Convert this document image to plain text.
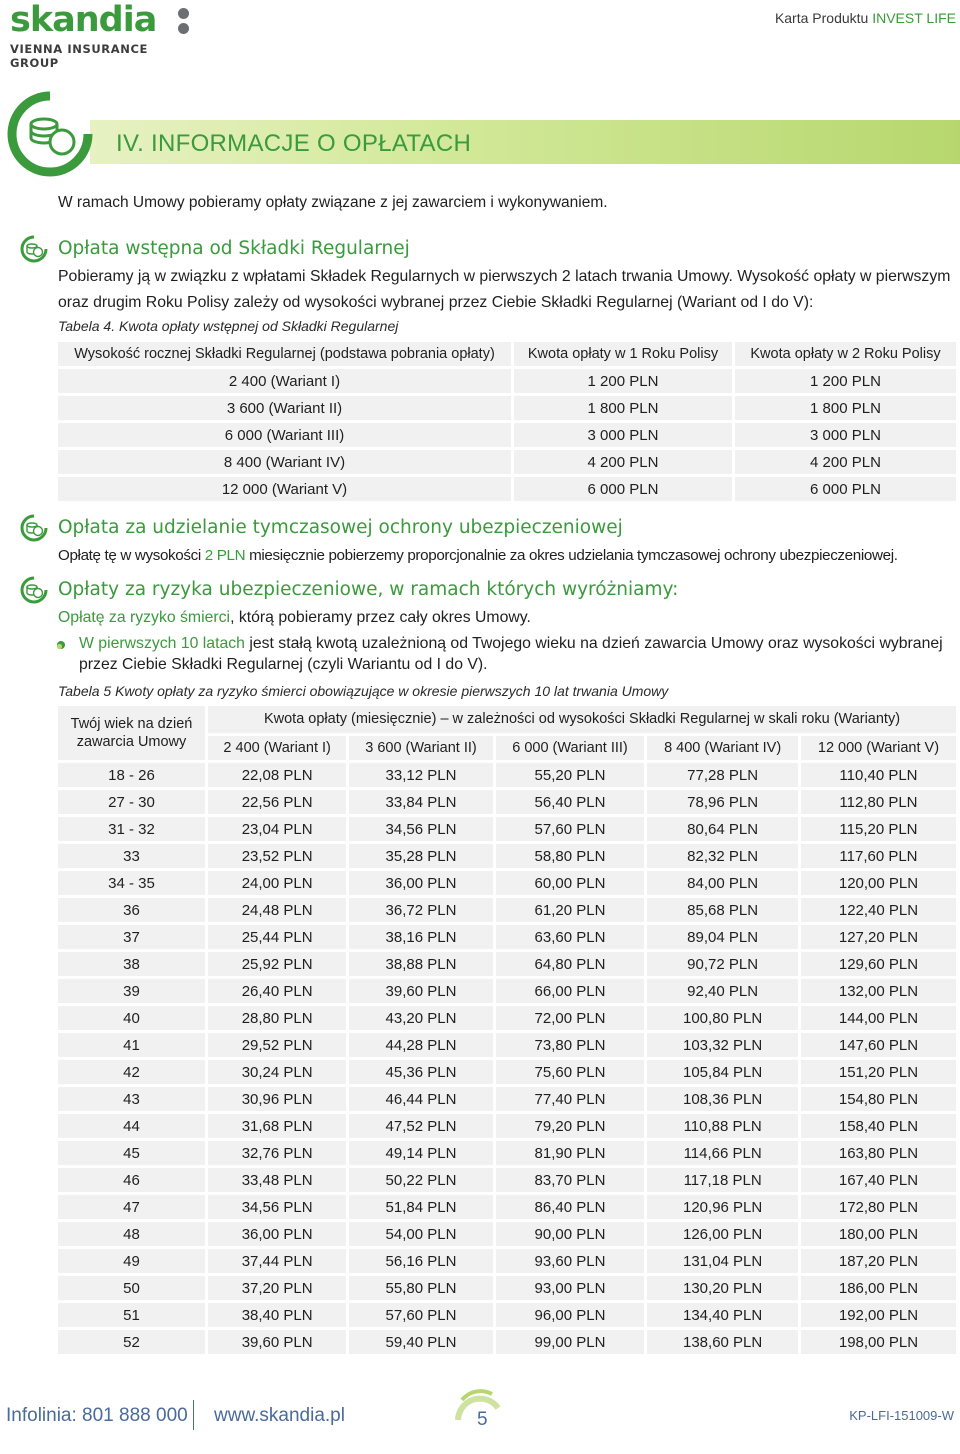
skandia
VIENNA INSURANCE GROUP
Karta Produktu INVEST LIFE
IV. INFORMACJE O OPŁATACH
W ramach Umowy pobieramy opłaty związane z jej zawarciem i wykonywaniem.
Opłata wstępna od Składki Regularnej
Pobieramy ją w związku z wpłatami Składek Regularnych w pierwszych 2 latach trwania Umowy. Wysokość opłaty w pierwszym
oraz drugim Roku Polisy zależy od wysokości wybranej przez Ciebie Składki Regularnej (Wariant od I do V):
Tabela 4. Kwota opłaty wstępnej od Składki Regularnej
Wysokość rocznej Składki Regularnej (podstawa pobrania opłaty)	Kwota opłaty w 1 Roku Polisy	Kwota opłaty w 2 Roku Polisy
2 400 (Wariant I)	1 200 PLN	1 200 PLN
3 600 (Wariant II)	1 800 PLN	1 800 PLN
6 000 (Wariant III)	3 000 PLN	3 000 PLN
8 400 (Wariant IV)	4 200 PLN	4 200 PLN
12 000 (Wariant V)	6 000 PLN	6 000 PLN
Opłata za udzielanie tymczasowej ochrony ubezpieczeniowej
Opłatę tę w wysokości 2 PLN miesięcznie pobierzemy proporcjonalnie za okres udzielania tymczasowej ochrony ubezpieczeniowej.
Opłaty za ryzyka ubezpieczeniowe, w ramach których wyróżniamy:
Opłatę za ryzyko śmierci, którą pobieramy przez cały okres Umowy.
W pierwszych 10 latach jest stałą kwotą uzależnioną od Twojego wieku na dzień zawarcia Umowy oraz wysokości wybranej
przez Ciebie Składki Regularnej (czyli Wariantu od I do V).
Tabela 5 Kwoty opłaty za ryzyko śmierci obowiązujące w okresie pierwszych 10 lat trwania Umowy
Twój wiek na dzień zawarcia Umowy	Kwota opłaty (miesięcznie) – w zależności od wysokości Składki Regularnej w skali roku (Warianty)				
	2 400 (Wariant I)	3 600 (Wariant II)	6 000 (Wariant III)	8 400 (Wariant IV)	12 000 (Wariant V)
18 - 26	22,08 PLN	33,12 PLN	55,20 PLN	77,28 PLN	110,40 PLN
27 - 30	22,56 PLN	33,84 PLN	56,40 PLN	78,96 PLN	112,80 PLN
31 - 32	23,04 PLN	34,56 PLN	57,60 PLN	80,64 PLN	115,20 PLN
33	23,52 PLN	35,28 PLN	58,80 PLN	82,32 PLN	117,60 PLN
34 - 35	24,00 PLN	36,00 PLN	60,00 PLN	84,00 PLN	120,00 PLN
36	24,48 PLN	36,72 PLN	61,20 PLN	85,68 PLN	122,40 PLN
37	25,44 PLN	38,16 PLN	63,60 PLN	89,04 PLN	127,20 PLN
38	25,92 PLN	38,88 PLN	64,80 PLN	90,72 PLN	129,60 PLN
39	26,40 PLN	39,60 PLN	66,00 PLN	92,40 PLN	132,00 PLN
40	28,80 PLN	43,20 PLN	72,00 PLN	100,80 PLN	144,00 PLN
41	29,52 PLN	44,28 PLN	73,80 PLN	103,32 PLN	147,60 PLN
42	30,24 PLN	45,36 PLN	75,60 PLN	105,84 PLN	151,20 PLN
43	30,96 PLN	46,44 PLN	77,40 PLN	108,36 PLN	154,80 PLN
44	31,68 PLN	47,52 PLN	79,20 PLN	110,88 PLN	158,40 PLN
45	32,76 PLN	49,14 PLN	81,90 PLN	114,66 PLN	163,80 PLN
46	33,48 PLN	50,22 PLN	83,70 PLN	117,18 PLN	167,40 PLN
47	34,56 PLN	51,84 PLN	86,40 PLN	120,96 PLN	172,80 PLN
48	36,00 PLN	54,00 PLN	90,00 PLN	126,00 PLN	180,00 PLN
49	37,44 PLN	56,16 PLN	93,60 PLN	131,04 PLN	187,20 PLN
50	37,20 PLN	55,80 PLN	93,00 PLN	130,20 PLN	186,00 PLN
51	38,40 PLN	57,60 PLN	96,00 PLN	134,40 PLN	192,00 PLN
52	39,60 PLN	59,40 PLN	99,00 PLN	138,60 PLN	198,00 PLN
Infolinia: 801 888 000 www.skandia.pl	5	KP-LFI-151009-W
